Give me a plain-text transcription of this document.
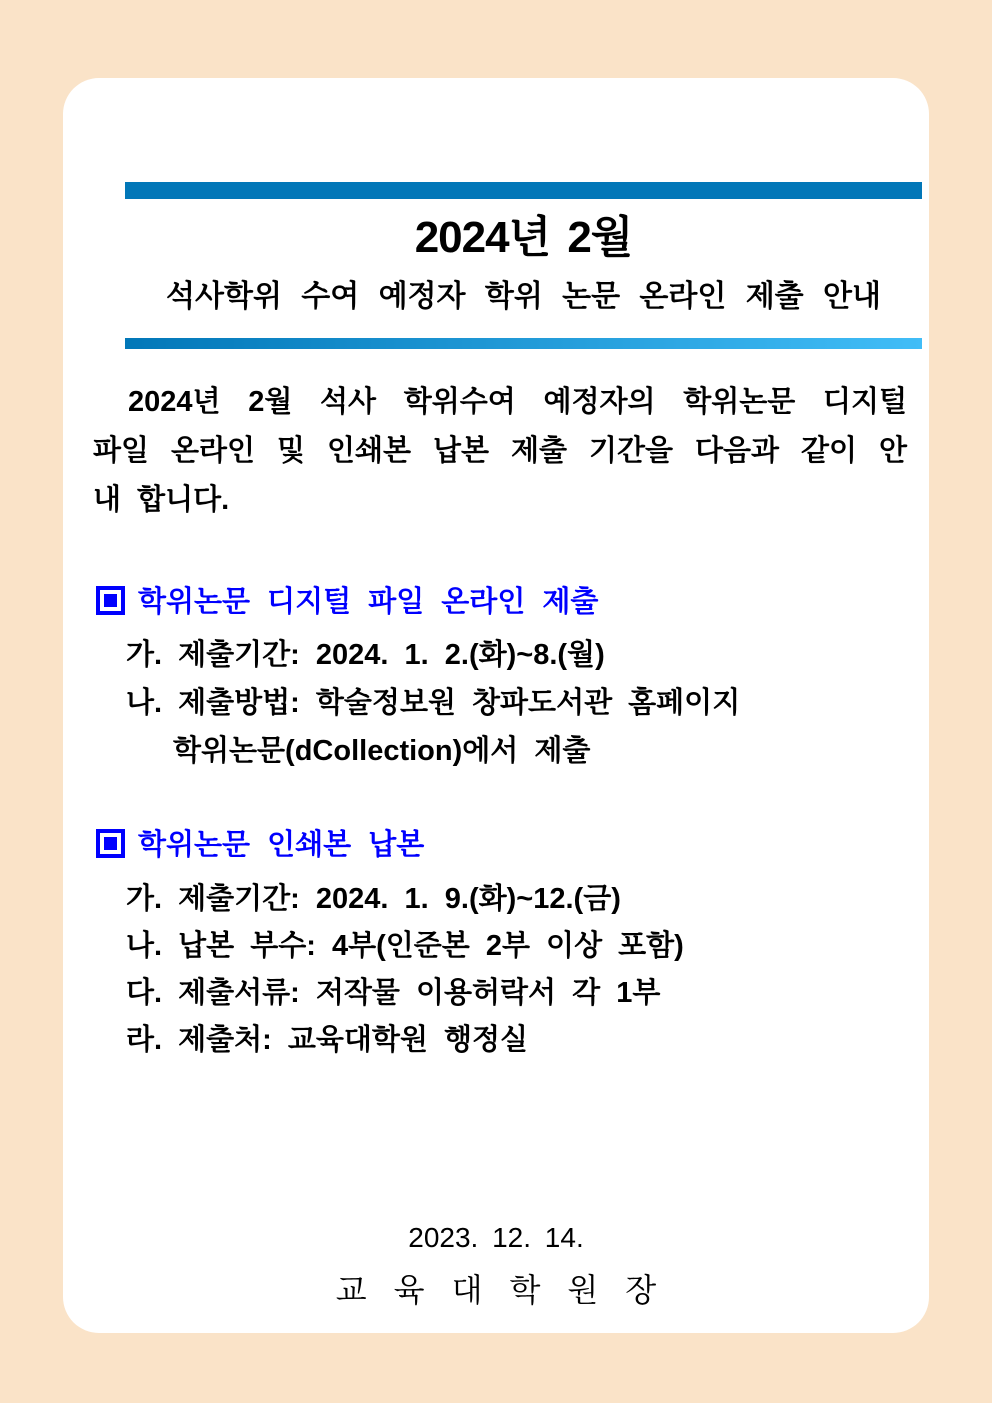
2024년 2월
석사학위 수여 예정자 학위 논문 온라인 제출 안내
2024년 2월 석사 학위수여 예정자의 학위논문 디지털
파일 온라인 및 인쇄본 납본 제출 기간을 다음과 같이 안
내 합니다.
학위논문 디지털 파일 온라인 제출
가. 제출기간: 2024. 1. 2.(화)~8.(월)
나. 제출방법: 학술정보원 창파도서관 홈페이지
학위논문(dCollection)에서 제출
학위논문 인쇄본 납본
가. 제출기간: 2024. 1. 9.(화)~12.(금)
나. 납본 부수: 4부(인준본 2부 이상 포함)
다. 제출서류: 저작물 이용허락서 각 1부
라. 제출처: 교육대학원 행정실
2023. 12. 14.
교육대학원장
